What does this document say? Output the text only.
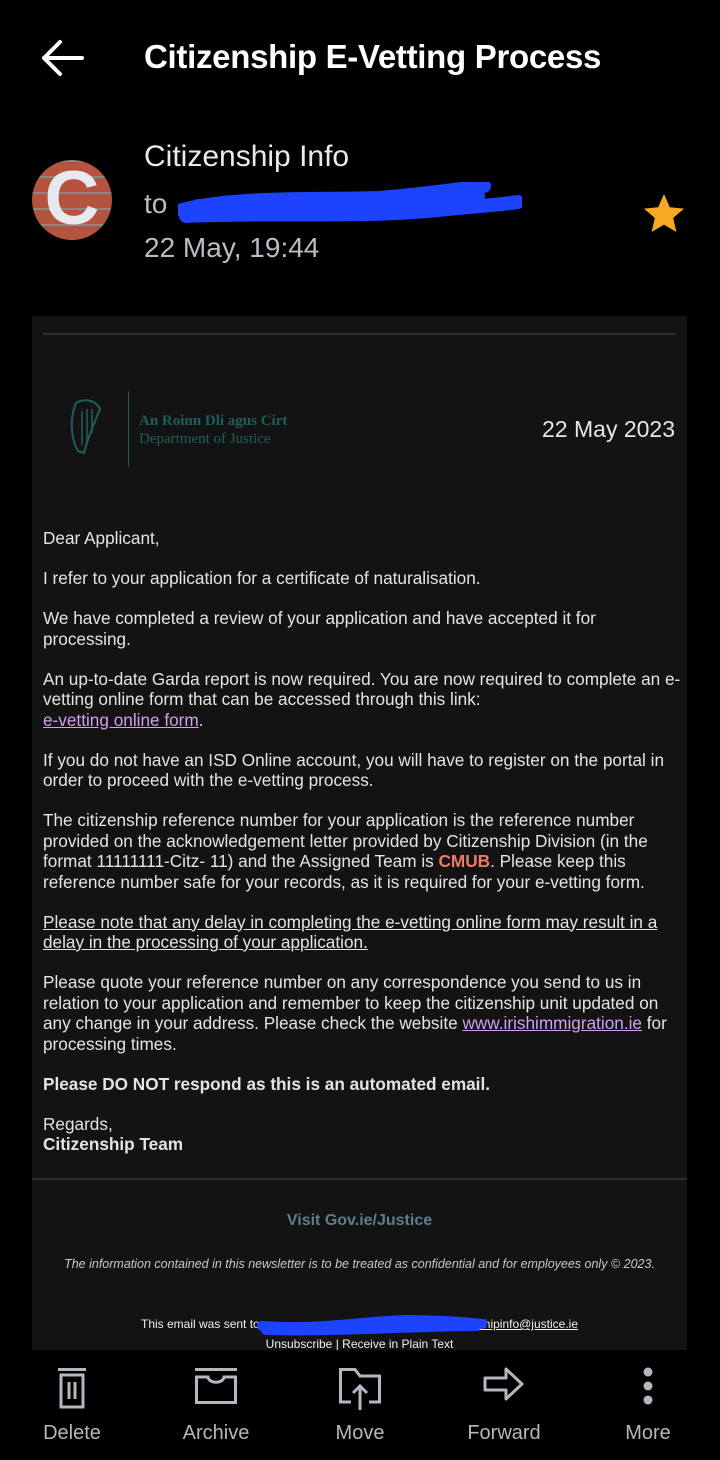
Citizenship E-Vetting Process
C Citizenship Info
to
22 May, 19:44
An Roinn Dlí agus Cirt
Department of Justice	22 May 2023

Dear Applicant,

I refer to your application for a certificate of naturalisation.

We have completed a review of your application and have accepted it for processing.

An up-to-date Garda report is now required. You are now required to complete an e-vetting online form that can be accessed through this link:
e-vetting online form.

If you do not have an ISD Online account, you will have to register on the portal in order to proceed with the e-vetting process.

The citizenship reference number for your application is the reference number provided on the acknowledgement letter provided by Citizenship Division (in the format 11111111-Citz- 11) and the Assigned Team is CMUB. Please keep this reference number safe for your records, as it is required for your e-vetting form.

Please note that any delay in completing the e-vetting online form may result in a delay in the processing of your application.

Please quote your reference number on any correspondence you send to us in relation to your application and remember to keep the citizenship unit updated on any change in your address. Please check the website www.irishimmigration.ie for processing times.

Please DO NOT respond as this is an automated email.

Regards,
Citizenship Team

Visit Gov.ie/Justice
The information contained in this newsletter is to be treated as confidential and for employees only © 2023.
This email was sent to	.com from citizenshipinfo@justice.ie
Unsubscribe | Receive in Plain Text
Delete	Archive	Move	Forward	More
